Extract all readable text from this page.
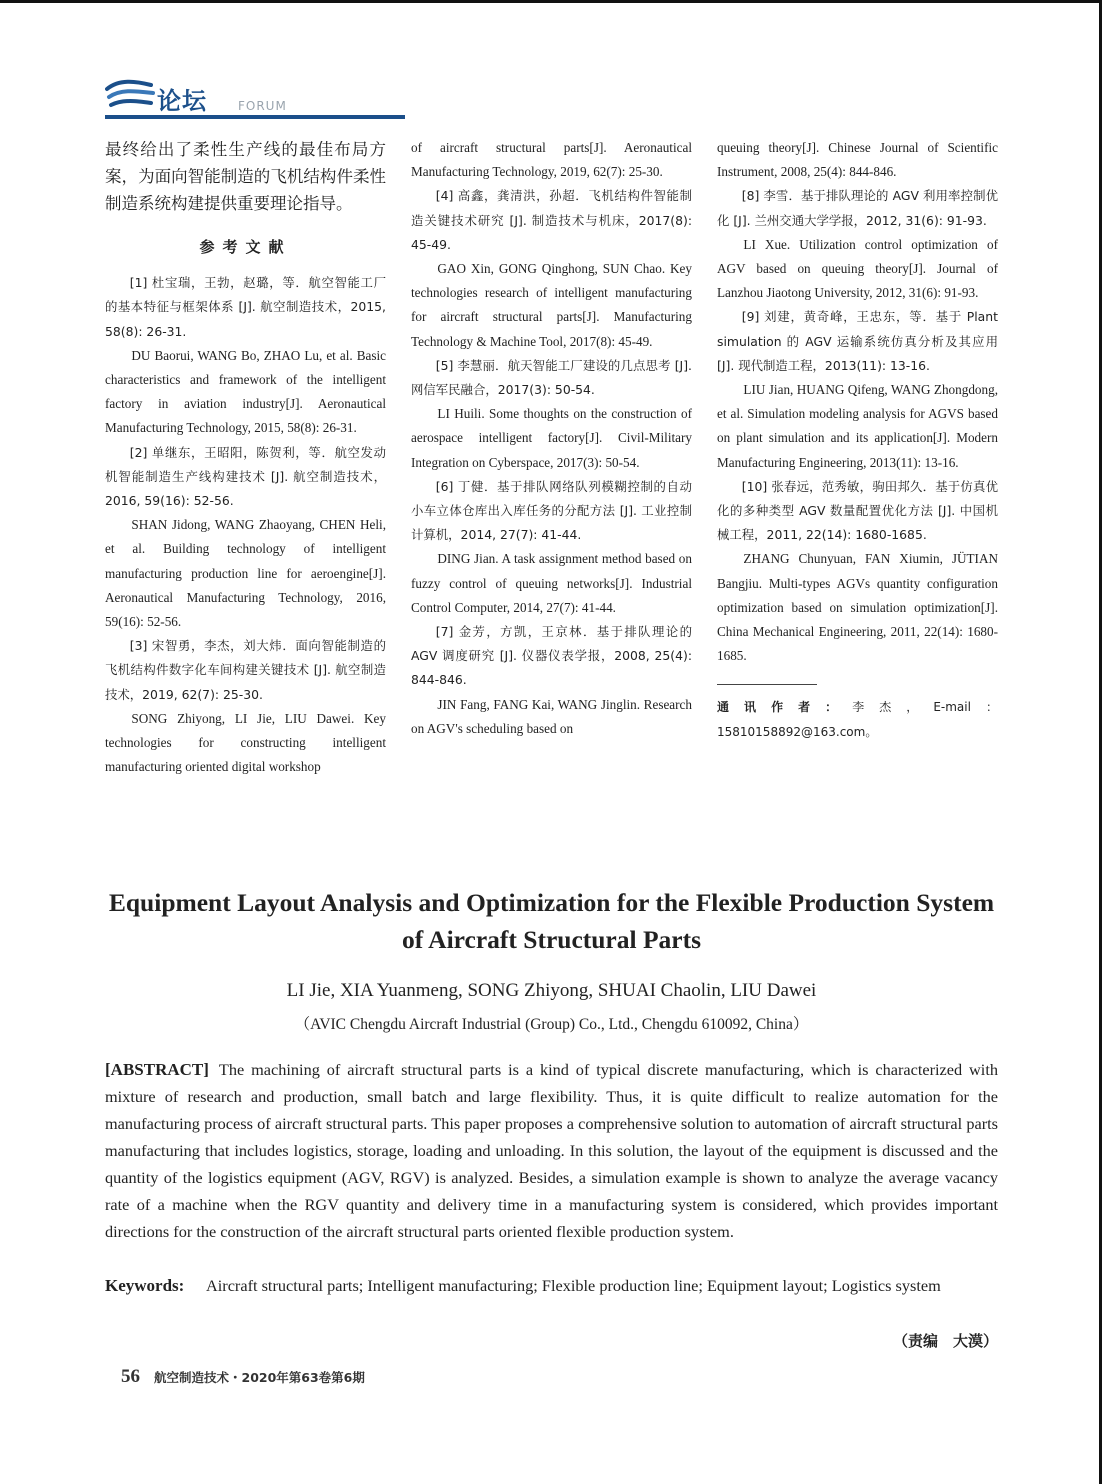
论坛	FORUM

最终给出了柔性生产线的最佳布局方案，为面向智能制造的飞机结构件柔性制造系统构建提供重要理论指导。

参考文献

[1] 杜宝瑞，王勃，赵璐，等．航空智能工厂的基本特征与框架体系 [J]. 航空制造技术，2015, 58(8): 26-31.

DU Baorui, WANG Bo, ZHAO Lu, et al. Basic characteristics and framework of the intelligent factory in aviation industry[J]. Aeronautical Manufacturing Technology, 2015, 58(8): 26-31.

[2] 单继东，王昭阳，陈贺利，等．航空发动机智能制造生产线构建技术 [J]. 航空制造技术，2016, 59(16): 52-56.

SHAN Jidong, WANG Zhaoyang, CHEN Heli, et al. Building technology of intelligent manufacturing production line for aeroengine[J]. Aeronautical Manufacturing Technology, 2016, 59(16): 52-56.

[3] 宋智勇，李杰，刘大炜．面向智能制造的飞机结构件数字化车间构建关键技术 [J]. 航空制造技术，2019, 62(7): 25-30.

SONG Zhiyong, LI Jie, LIU Dawei. Key technologies for constructing intelligent manufacturing oriented digital workshop

of aircraft structural parts[J]. Aeronautical Manufacturing Technology, 2019, 62(7): 25-30.

[4] 高鑫，龚清洪，孙超．飞机结构件智能制造关键技术研究 [J]. 制造技术与机床，2017(8): 45-49.

GAO Xin, GONG Qinghong, SUN Chao. Key technologies research of intelligent manufacturing for aircraft structural parts[J]. Manufacturing Technology & Machine Tool, 2017(8): 45-49.

[5] 李慧丽．航天智能工厂建设的几点思考 [J]. 网信军民融合，2017(3): 50-54.

LI Huili. Some thoughts on the construction of aerospace intelligent factory[J]. Civil-Military Integration on Cyberspace, 2017(3): 50-54.

[6] 丁健．基于排队网络队列模糊控制的自动小车立体仓库出入库任务的分配方法 [J]. 工业控制计算机，2014, 27(7): 41-44.

DING Jian. A task assignment method based on fuzzy control of queuing networks[J]. Industrial Control Computer, 2014, 27(7): 41-44.

[7] 金芳，方凯，王京林．基于排队理论的 AGV 调度研究 [J]. 仪器仪表学报，2008, 25(4): 844-846.

JIN Fang, FANG Kai, WANG Jinglin. Research on AGV's scheduling based on

queuing theory[J]. Chinese Journal of Scientific Instrument, 2008, 25(4): 844-846.

[8] 李雪．基于排队理论的 AGV 利用率控制优化 [J]. 兰州交通大学学报，2012, 31(6): 91-93.

LI Xue. Utilization control optimization of AGV based on queuing theory[J]. Journal of Lanzhou Jiaotong University, 2012, 31(6): 91-93.

[9] 刘建，黄奇峰，王忠东，等．基于 Plant simulation 的 AGV 运输系统仿真分析及其应用 [J]. 现代制造工程，2013(11): 13-16.

LIU Jian, HUANG Qifeng, WANG Zhongdong, et al. Simulation modeling analysis for AGVS based on plant simulation and its application[J]. Modern Manufacturing Engineering, 2013(11): 13-16.

[10] 张春远，范秀敏，驹田邦久．基于仿真优化的多种类型 AGV 数量配置优化方法 [J]. 中国机械工程，2011, 22(14): 1680-1685.

ZHANG Chunyuan, FAN Xiumin, JÜTIAN Bangjiu. Multi-types AGVs quantity configuration optimization based on simulation optimization[J]. China Mechanical Engineering, 2011, 22(14): 1680-1685.

通讯作者：李杰，E-mail：15810158892@163.com。

Equipment Layout Analysis and Optimization for the Flexible Production System of Aircraft Structural Parts
LI Jie, XIA Yuanmeng, SONG Zhiyong, SHUAI Chaolin, LIU Dawei
（AVIC Chengdu Aircraft Industrial (Group) Co., Ltd., Chengdu 610092, China）
[ABSTRACT] The machining of aircraft structural parts is a kind of typical discrete manufacturing, which is characterized with mixture of research and production, small batch and large flexibility. Thus, it is quite difficult to realize automation for the manufacturing process of aircraft structural parts. This paper proposes a comprehensive solution to automation of aircraft structural parts manufacturing that includes logistics, storage, loading and unloading. In this solution, the layout of the equipment is discussed and the quantity of the logistics equipment (AGV, RGV) is analyzed. Besides, a simulation example is shown to analyze the average vacancy rate of a machine when the RGV quantity and delivery time in a manufacturing system is considered, which provides important directions for the construction of the aircraft structural parts oriented flexible production system.
Keywords:	Aircraft structural parts; Intelligent manufacturing; Flexible production line; Equipment layout; Logistics system
（责编　大漠）
56 航空制造技术・2020年第63卷第6期
